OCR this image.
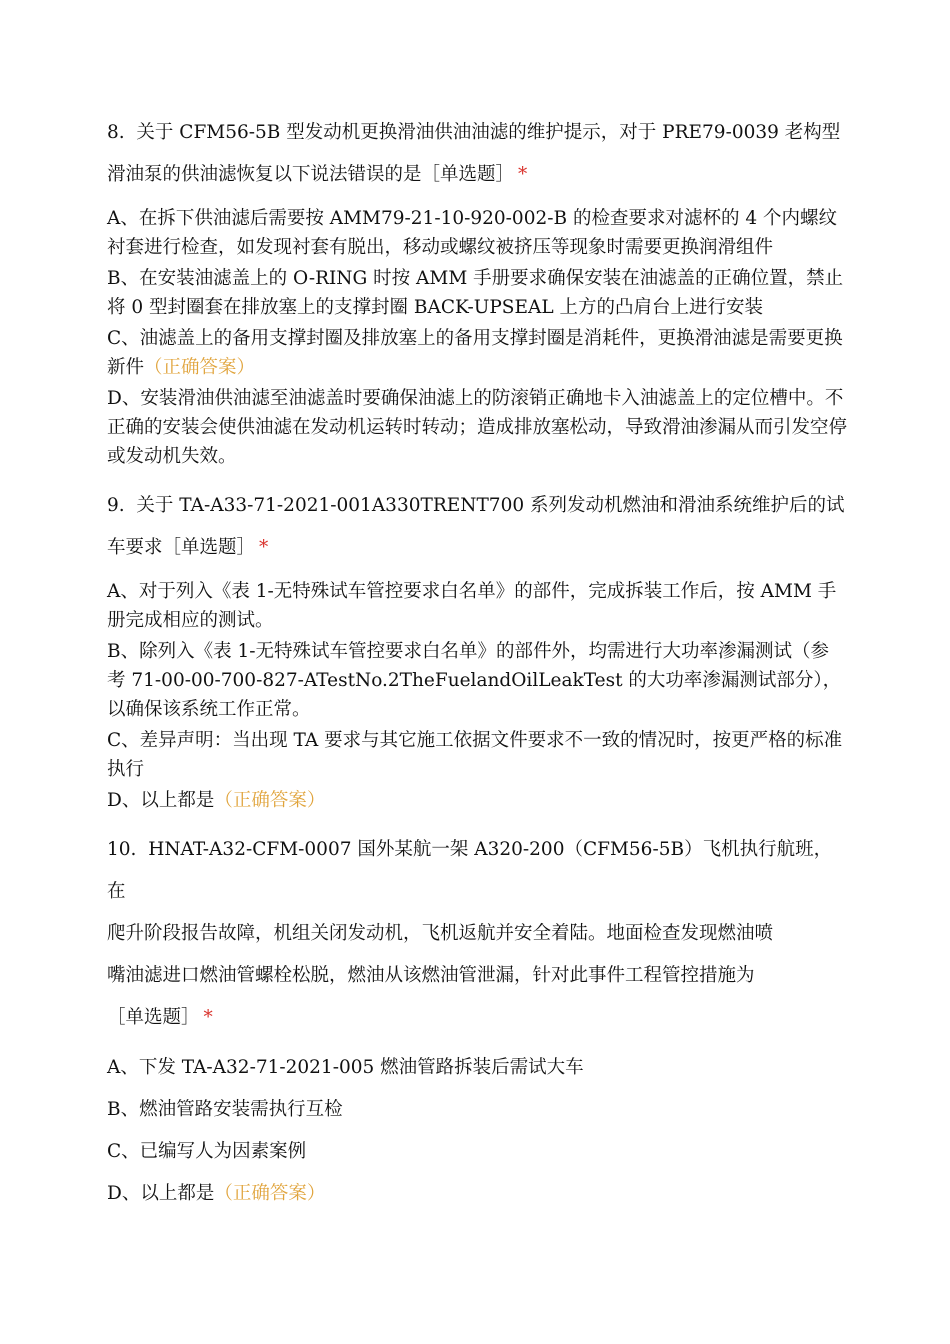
8. 关于 CFM56-5B 型发动机更换滑油供油油滤的维护提示，对于 PRE79-0039 老构型
滑油泵的供油滤恢复以下说法错误的是［单选题］ *

A、在拆下供油滤后需要按 AMM79-21-10-920-002-B 的检查要求对滤杯的 4 个内螺纹衬套进行检查，如发现衬套有脱出，移动或螺纹被挤压等现象时需要更换润滑组件

B、在安装油滤盖上的 O-RING 时按 AMM 手册要求确保安装在油滤盖的正确位置，禁止将 0 型封圈套在排放塞上的支撑封圈 BACK-UPSEAL 上方的凸肩台上进行安装

C、油滤盖上的备用支撑封圈及排放塞上的备用支撑封圈是消耗件，更换滑油滤是需要更换新件（正确答案）

D、安装滑油供油滤至油滤盖时要确保油滤上的防滚销正确地卡入油滤盖上的定位槽中。不正确的安装会使供油滤在发动机运转时转动；造成排放塞松动，导致滑油渗漏从而引发空停或发动机失效。

9. 关于 TA-A33-71-2021-001A330TRENT700 系列发动机燃油和滑油系统维护后的试
车要求［单选题］ *

A、对于列入《表 1-无特殊试车管控要求白名单》的部件，完成拆装工作后，按 AMM 手册完成相应的测试。

B、除列入《表 1-无特殊试车管控要求白名单》的部件外，均需进行大功率渗漏测试（参考 71-00-00-700-827-ATestNo.2TheFuelandOilLeakTest 的大功率渗漏测试部分），以确保该系统工作正常。

C、差异声明：当出现 TA 要求与其它施工依据文件要求不一致的情况时，按更严格的标准执行

D、以上都是（正确答案）

10. HNAT-A32-CFM-0007 国外某航一架 A320-200（CFM56-5B）飞机执行航班，在
爬升阶段报告故障，机组关闭发动机，飞机返航并安全着陆。地面检查发现燃油喷
嘴油滤进口燃油管螺栓松脱，燃油从该燃油管泄漏，针对此事件工程管控措施为
［单选题］ *

A、下发 TA-A32-71-2021-005 燃油管路拆装后需试大车

B、燃油管路安装需执行互检

C、已编写人为因素案例

D、以上都是（正确答案）
